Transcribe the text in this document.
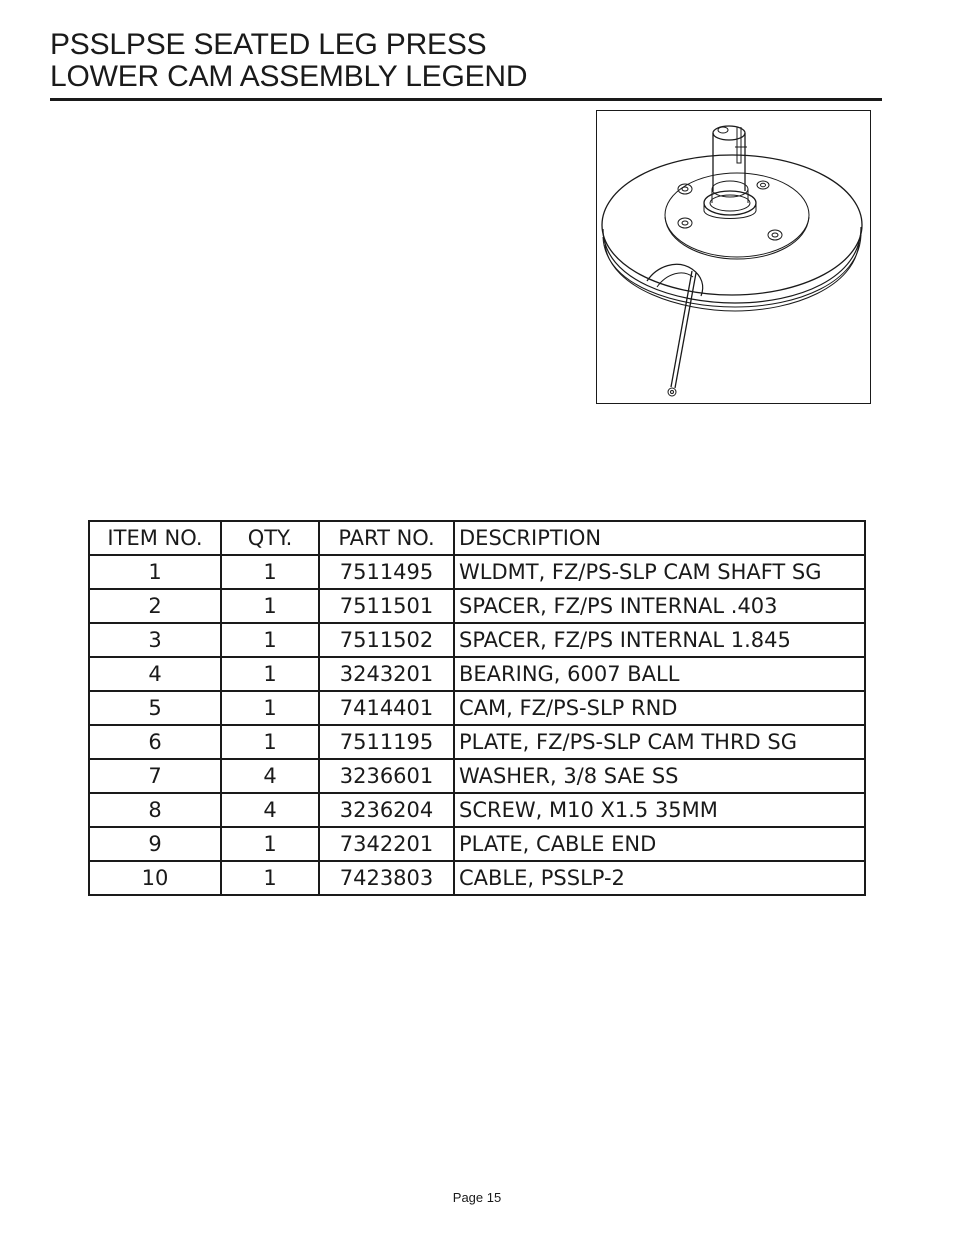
PSSLPSE SEATED LEG PRESS

LOWER CAM ASSEMBLY LEGEND
ITEM NO.	QTY.	PART NO.	DESCRIPTION
1	1	7511495	WLDMT, FZ/PS-SLP CAM SHAFT SG
2	1	7511501	SPACER, FZ/PS INTERNAL .403
3	1	7511502	SPACER, FZ/PS INTERNAL 1.845
4	1	3243201	BEARING, 6007 BALL
5	1	7414401	CAM, FZ/PS-SLP RND
6	1	7511195	PLATE, FZ/PS-SLP CAM THRD SG
7	4	3236601	WASHER, 3/8 SAE SS
8	4	3236204	SCREW, M10 X1.5 35MM
9	1	7342201	PLATE, CABLE END
10	1	7423803	CABLE, PSSLP-2
Page 15
